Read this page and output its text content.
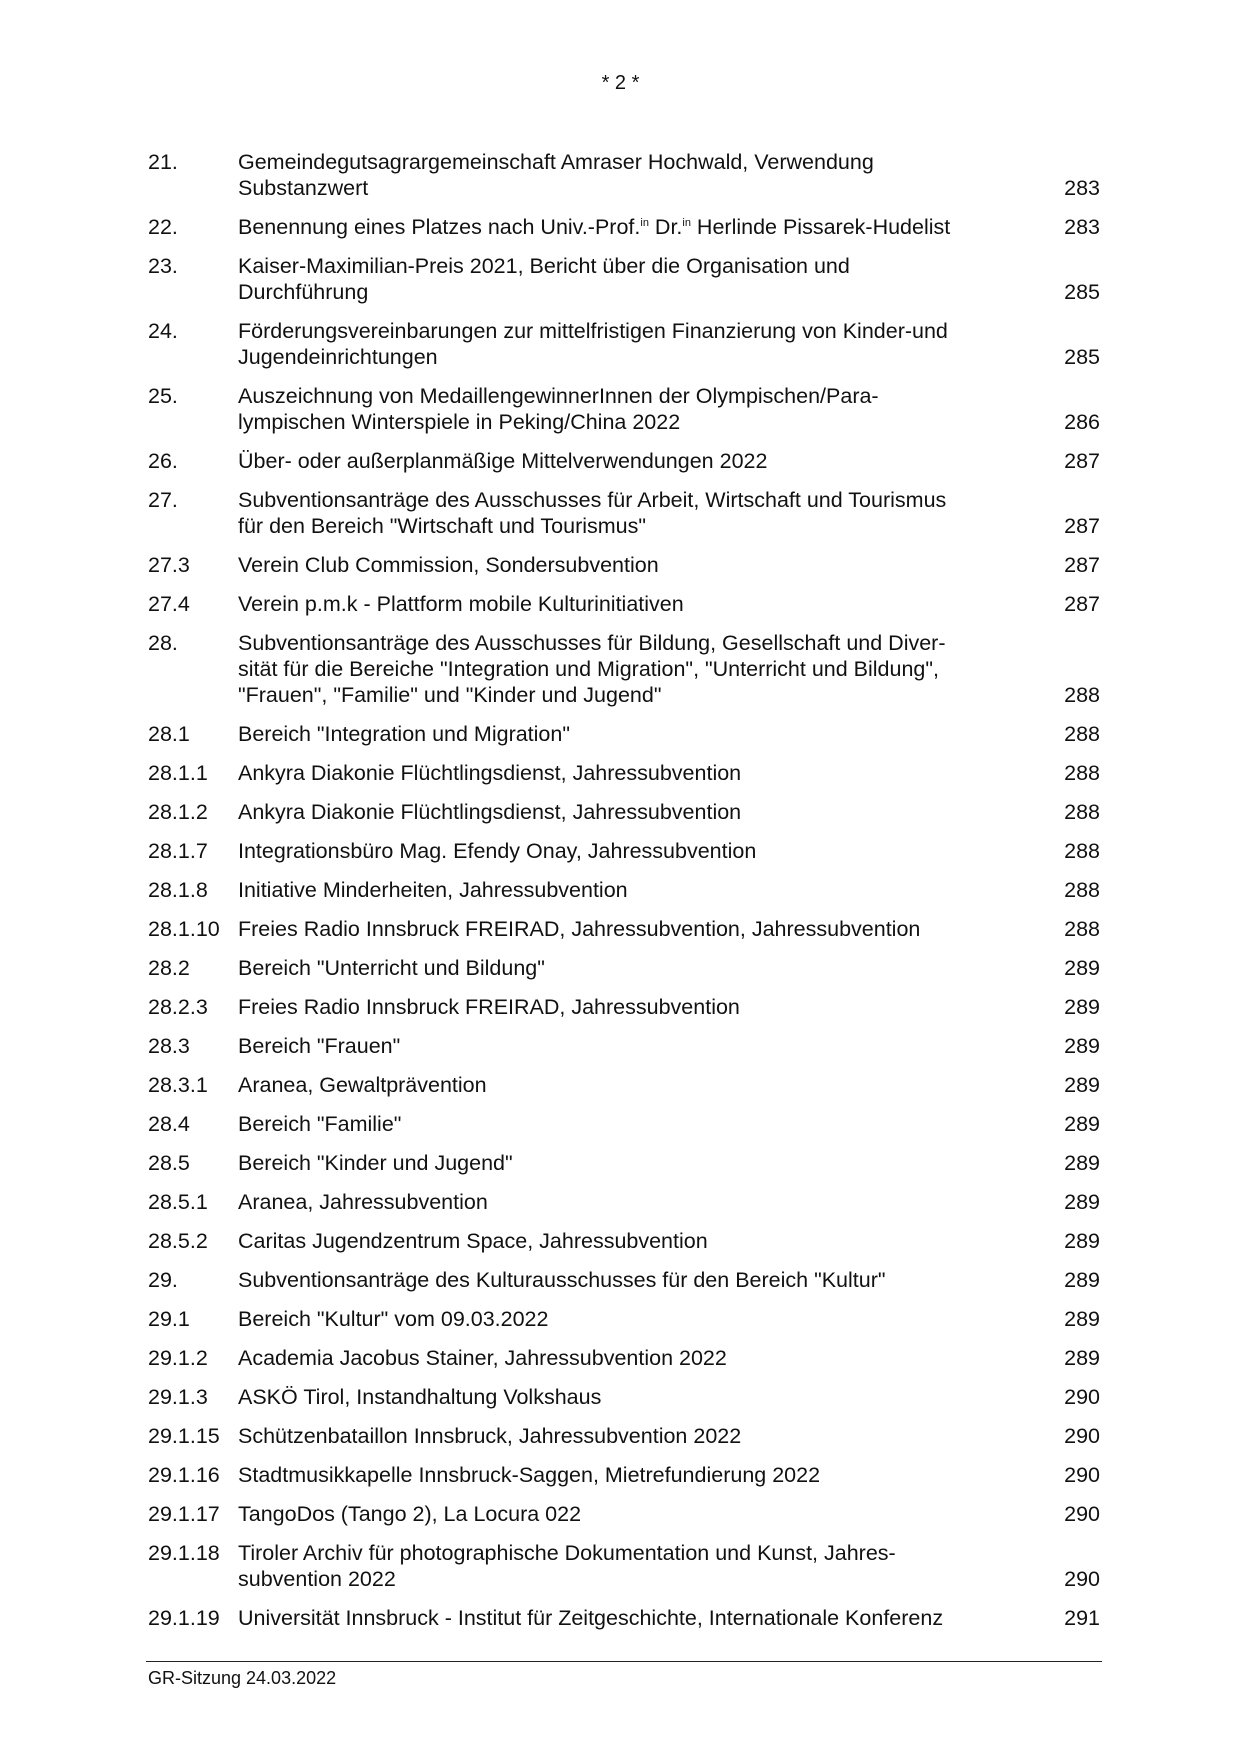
* 2 *
21.	Gemeindegutsagrargemeinschaft Amraser Hochwald, Verwendung
Substanzwert	283
22.	Benennung eines Platzes nach Univ.-Prof.$^{in}$ Dr.$^{in}$ Herlinde Pissarek-Hudelist	283
23.	Kaiser-Maximilian-Preis 2021, Bericht über die Organisation und
Durchführung	285
24.	Förderungsvereinbarungen zur mittelfristigen Finanzierung von Kinder-und
Jugendeinrichtungen	285
25.	Auszeichnung von MedaillengewinnerInnen der Olympischen/Para-
lympischen Winterspiele in Peking/China 2022	286
26.	Über- oder außerplanmäßige Mittelverwendungen 2022	287
27.	Subventionsanträge des Ausschusses für Arbeit, Wirtschaft und Tourismus
für den Bereich "Wirtschaft und Tourismus"	287
27.3	Verein Club Commission, Sondersubvention	287
27.4	Verein p.m.k - Plattform mobile Kulturinitiativen	287
28.	Subventionsanträge des Ausschusses für Bildung, Gesellschaft und Diver-
sität für die Bereiche "Integration und Migration", "Unterricht und Bildung",
"Frauen", "Familie" und "Kinder und Jugend"	288
28.1	Bereich "Integration und Migration"	288
28.1.1	Ankyra Diakonie Flüchtlingsdienst, Jahressubvention	288
28.1.2	Ankyra Diakonie Flüchtlingsdienst, Jahressubvention	288
28.1.7	Integrationsbüro Mag. Efendy Onay, Jahressubvention	288
28.1.8	Initiative Minderheiten, Jahressubvention	288
28.1.10 Freies Radio Innsbruck FREIRAD, Jahressubvention, Jahressubvention	288
28.2	Bereich "Unterricht und Bildung"	289
28.2.3	Freies Radio Innsbruck FREIRAD, Jahressubvention	289
28.3	Bereich "Frauen"	289
28.3.1	Aranea, Gewaltprävention	289
28.4	Bereich "Familie"	289
28.5	Bereich "Kinder und Jugend"	289
28.5.1	Aranea, Jahressubvention	289
28.5.2	Caritas Jugendzentrum Space, Jahressubvention	289
29.	Subventionsanträge des Kulturausschusses für den Bereich "Kultur"	289
29.1	Bereich "Kultur" vom 09.03.2022	289
29.1.2	Academia Jacobus Stainer, Jahressubvention 2022	289
29.1.3	ASKÖ Tirol, Instandhaltung Volkshaus	290
29.1.15 Schützenbataillon Innsbruck, Jahressubvention 2022	290
29.1.16 Stadtmusikkapelle Innsbruck-Saggen, Mietrefundierung 2022	290
29.1.17 TangoDos (Tango 2), La Locura 022	290
29.1.18 Tiroler Archiv für photographische Dokumentation und Kunst, Jahres-
subvention 2022	290
29.1.19 Universität Innsbruck - Institut für Zeitgeschichte, Internationale Konferenz	291
GR-Sitzung 24.03.2022
